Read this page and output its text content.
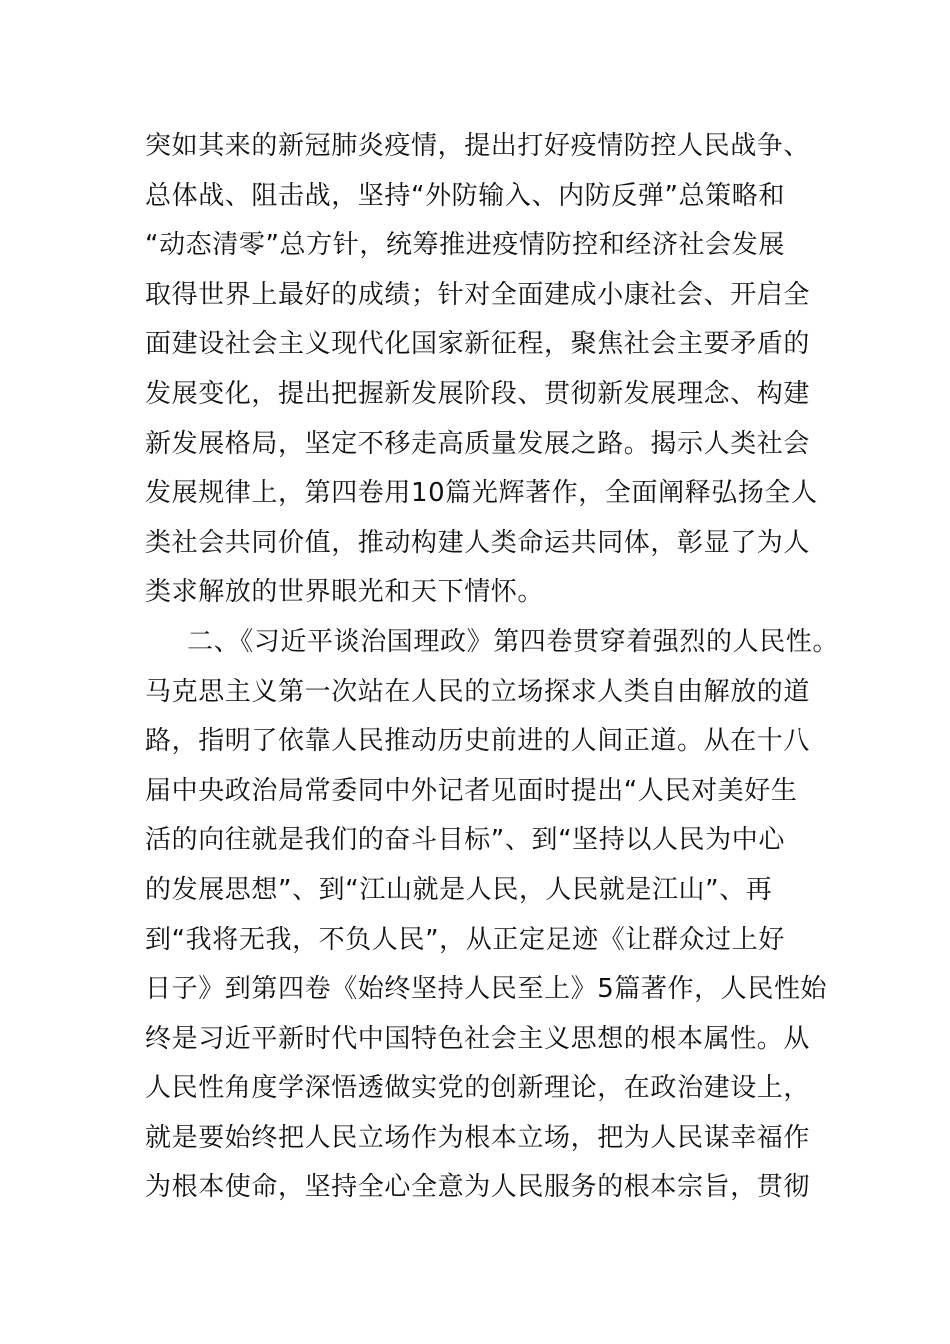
突如其来的新冠肺炎疫情，提出打好疫情防控人民战争、
总体战、阻击战，坚持“外防输入、内防反弹”总策略和
“动态清零”总方针，统筹推进疫情防控和经济社会发展
取得世界上最好的成绩；针对全面建成小康社会、开启全
面建设社会主义现代化国家新征程，聚焦社会主要矛盾的
发展变化，提出把握新发展阶段、贯彻新发展理念、构建
新发展格局，坚定不移走高质量发展之路。揭示人类社会
发展规律上，第四卷用10篇光辉著作，全面阐释弘扬全人
类社会共同价值，推动构建人类命运共同体，彰显了为人
类求解放的世界眼光和天下情怀。
二、《习近平谈治国理政》第四卷贯穿着强烈的人民性。
马克思主义第一次站在人民的立场探求人类自由解放的道
路，指明了依靠人民推动历史前进的人间正道。从在十八
届中央政治局常委同中外记者见面时提出“人民对美好生
活的向往就是我们的奋斗目标”、到“坚持以人民为中心
的发展思想”、到“江山就是人民，人民就是江山”、再
到“我将无我，不负人民”，从正定足迹《让群众过上好
日子》到第四卷《始终坚持人民至上》5篇著作，人民性始
终是习近平新时代中国特色社会主义思想的根本属性。从
人民性角度学深悟透做实党的创新理论，在政治建设上，
就是要始终把人民立场作为根本立场，把为人民谋幸福作
为根本使命，坚持全心全意为人民服务的根本宗旨，贯彻
